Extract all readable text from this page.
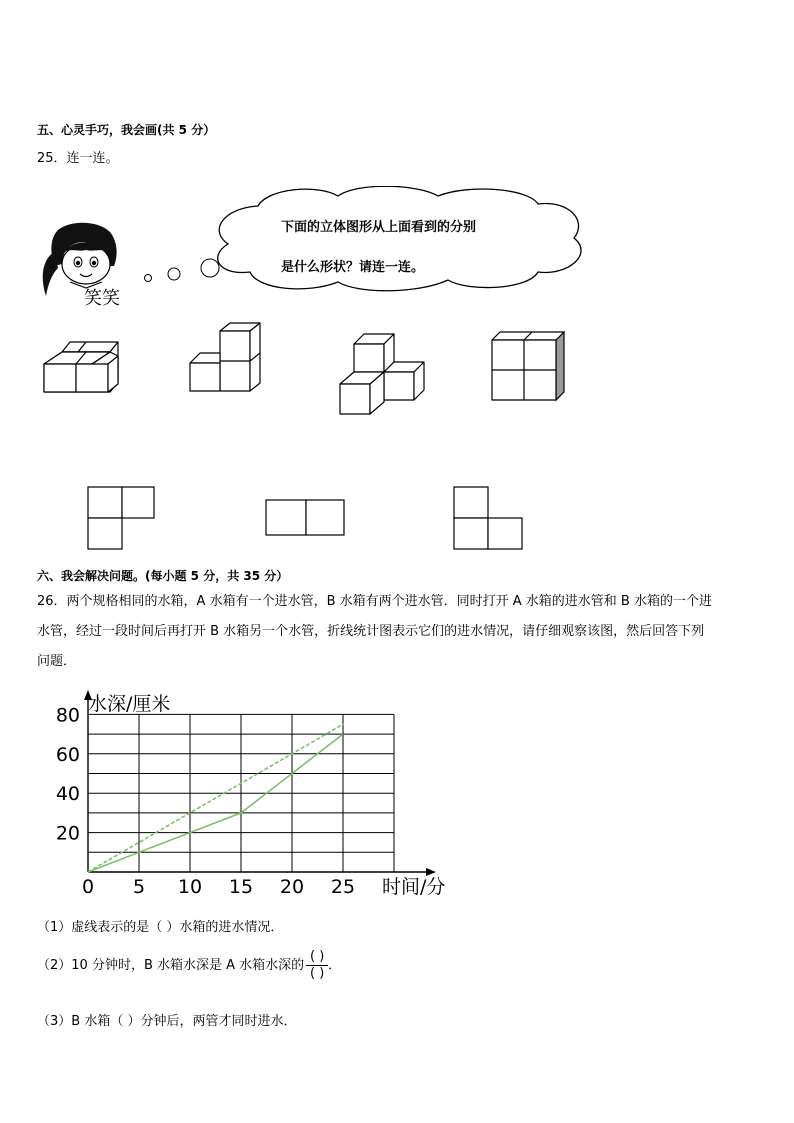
五、心灵手巧，我会画(共 5 分）
25．连一连。
笑笑
下面的立体图形从上面看到的分别
是什么形状？请连一连。
六、我会解决问题。(每小题 5 分，共 35 分）
26．两个规格相同的水箱，A 水箱有一个进水管，B 水箱有两个进水管．同时打开 A 水箱的进水管和 B 水箱的一个进
水管，经过一段时间后再打开 B 水箱另一个水管，折线统计图表示它们的进水情况，请仔细观察该图，然后回答下列
问题．
0 5 10 15 20 25
20
40
60
80
水深/厘米
时间/分
（1）虚线表示的是（ ）水箱的进水情况．
（2）10 分钟时，B 水箱水深是 A 水箱水深的 $\frac{( )}{( )}$ ．
（3）B 水箱（ ）分钟后，两管才同时进水．
